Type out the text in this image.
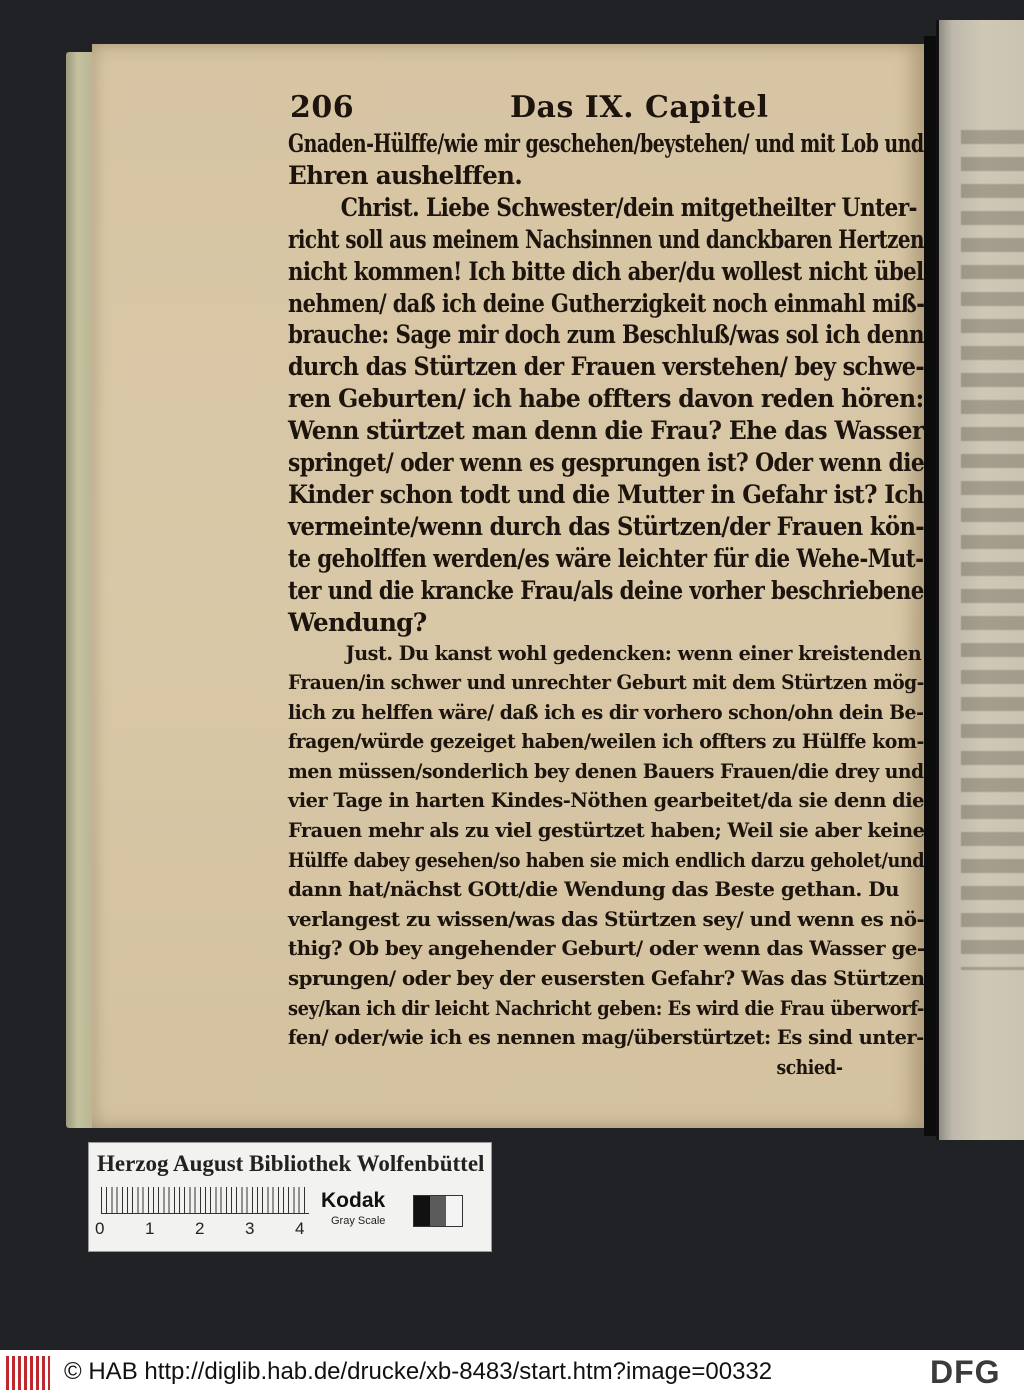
206	Das IX. Capitel
Gnaden-Hülffe/wie mir geschehen/beystehen/ und mit Lob und
Ehren aushelffen.
Christ. Liebe Schwester/dein mitgetheilter Unter-
richt soll aus meinem Nachsinnen und danckbaren Hertzen
nicht kommen! Ich bitte dich aber/du wollest nicht übel
nehmen/ daß ich deine Gutherzigkeit noch einmahl miß-
brauche: Sage mir doch zum Beschluß/was sol ich denn
durch das Stürtzen der Frauen verstehen/ bey schwe-
ren Geburten/ ich habe offters davon reden hören:
Wenn stürtzet man denn die Frau? Ehe das Wasser
springet/ oder wenn es gesprungen ist? Oder wenn die
Kinder schon todt und die Mutter in Gefahr ist? Ich
vermeinte/wenn durch das Stürtzen/der Frauen kön-
te geholffen werden/es wäre leichter für die Wehe-Mut-
ter und die krancke Frau/als deine vorher beschriebene
Wendung?
Just. Du kanst wohl gedencken: wenn einer kreistenden
Frauen/in schwer und unrechter Geburt mit dem Stürtzen mög-
lich zu helffen wäre/ daß ich es dir vorhero schon/ohn dein Be-
fragen/würde gezeiget haben/weilen ich offters zu Hülffe kom-
men müssen/sonderlich bey denen Bauers Frauen/die drey und
vier Tage in harten Kindes-Nöthen gearbeitet/da sie denn die
Frauen mehr als zu viel gestürtzet haben; Weil sie aber keine
Hülffe dabey gesehen/so haben sie mich endlich darzu geholet/und
dann hat/nächst GOtt/die Wendung das Beste gethan. Du
verlangest zu wissen/was das Stürtzen sey/ und wenn es nö-
thig? Ob bey angehender Geburt/ oder wenn das Wasser ge-
sprungen/ oder bey der eusersten Gefahr? Was das Stürtzen
sey/kan ich dir leicht Nachricht geben: Es wird die Frau überworf-
fen/ oder/wie ich es nennen mag/überstürtzet: Es sind unter-
schied-
Herzog August Bibliothek Wolfenbüttel
0 1 2 3 4
Kodak
Gray Scale
© HAB http://diglib.hab.de/drucke/xb-8483/start.htm?image=00332	DFG
